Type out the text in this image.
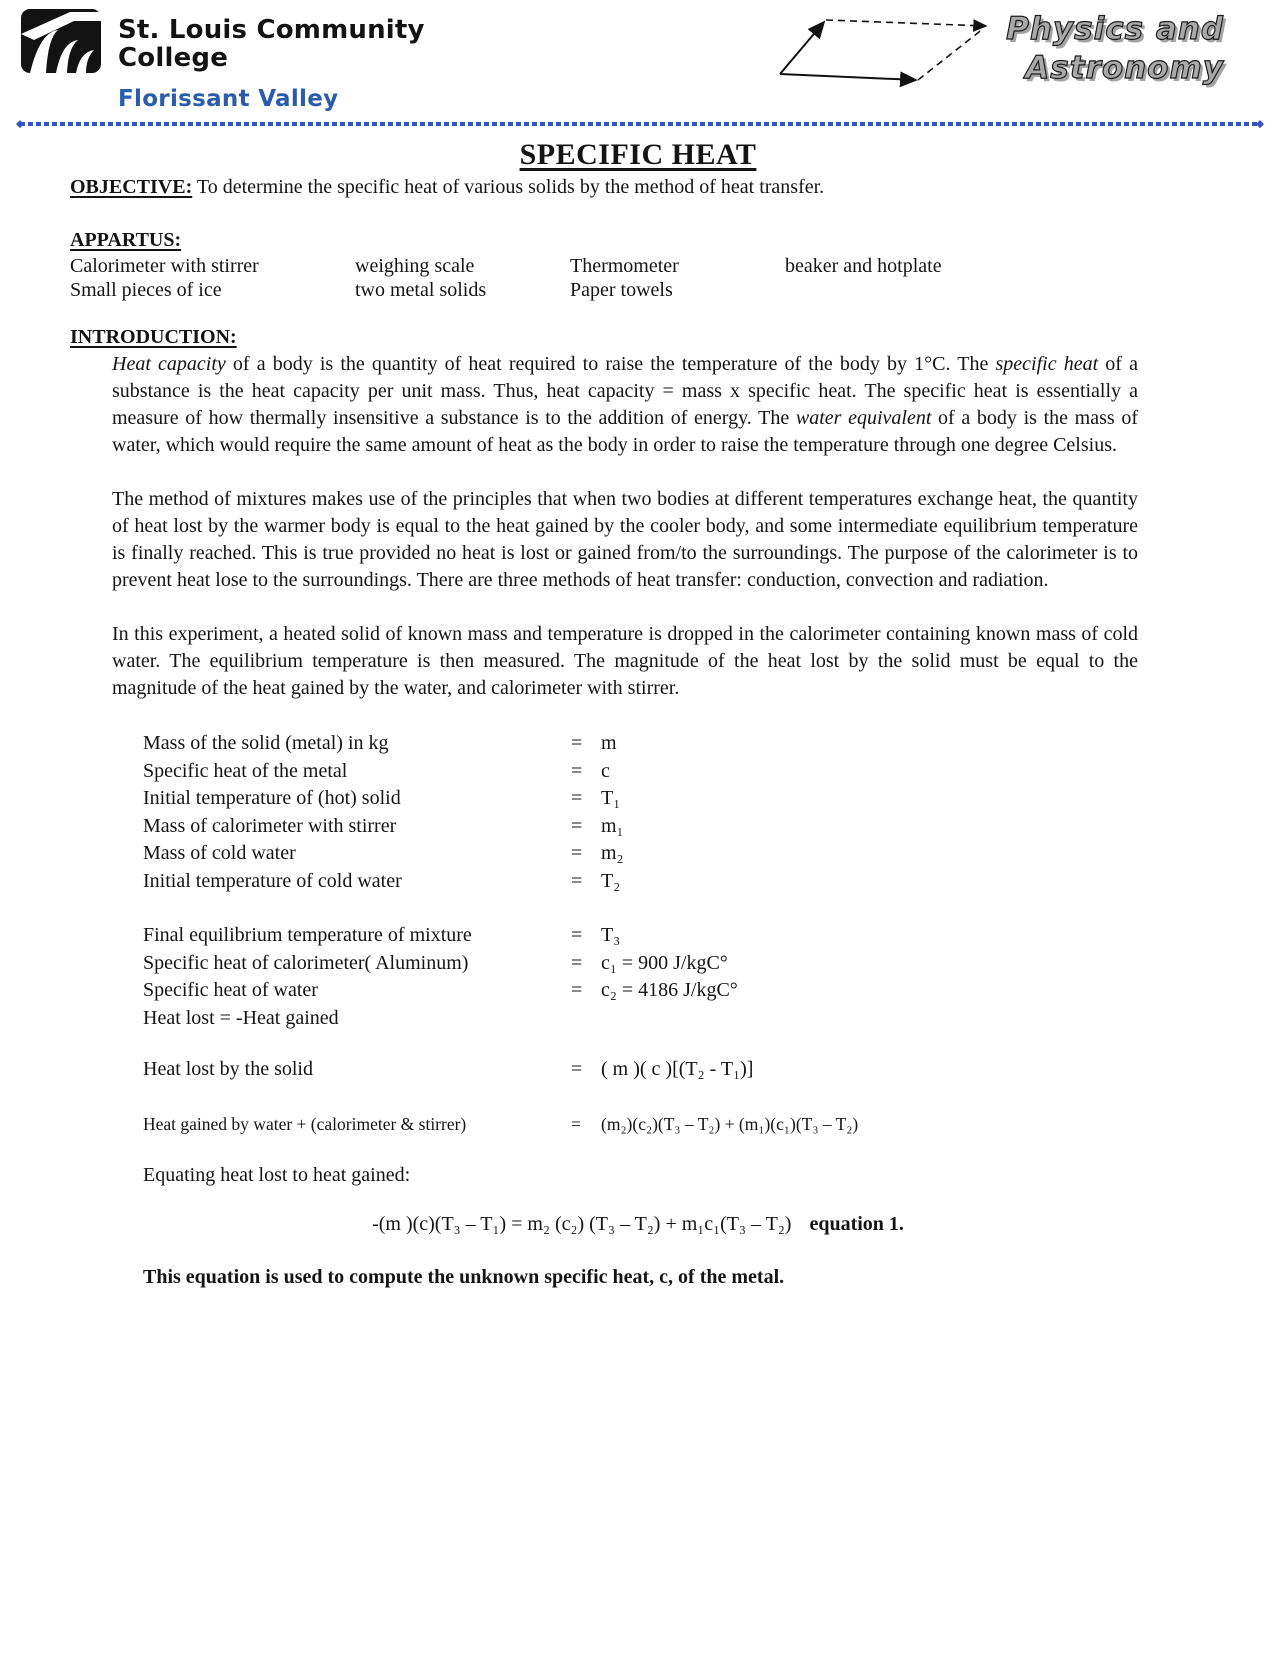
St. Louis Community
College
Florissant Valley
Physics and
Astronomy
SPECIFIC HEAT

OBJECTIVE: To determine the specific heat of various solids by the method of heat transfer.

APPARTUS:
Calorimeter with stirrer	weighing scale	Thermometer	beaker and hotplate
Small pieces of ice	two metal solids	Paper towels
INTRODUCTION:

Heat capacity of a body is the quantity of heat required to raise the temperature of the body by 1°C. The specific heat of a substance is the heat capacity per unit mass. Thus, heat capacity = mass x specific heat. The specific heat is essentially a measure of how thermally insensitive a substance is to the addition of energy. The water equivalent of a body is the mass of water, which would require the same amount of heat as the body in order to raise the temperature through one degree Celsius.

The method of mixtures makes use of the principles that when two bodies at different temperatures exchange heat, the quantity of heat lost by the warmer body is equal to the heat gained by the cooler body, and some intermediate equilibrium temperature is finally reached. This is true provided no heat is lost or gained from/to the surroundings. The purpose of the calorimeter is to prevent heat lose to the surroundings. There are three methods of heat transfer: conduction, convection and radiation.

In this experiment, a heated solid of known mass and temperature is dropped in the calorimeter containing known mass of cold water. The equilibrium temperature is then measured. The magnitude of the heat lost by the solid must be equal to the magnitude of the heat gained by the water, and calorimeter with stirrer.

Mass of the solid (metal) in kg	= m
Specific heat of the metal	= c
Initial temperature of (hot) solid	= T₁
Mass of calorimeter with stirrer	= m₁
Mass of cold water	= m₂
Initial temperature of cold water	= T₂
Final equilibrium temperature of mixture	= T₃
Specific heat of calorimeter( Aluminum)	= c₁ = 900 J/kgC°
Specific heat of water	= c₂ = 4186 J/kgC°
Heat lost = -Heat gained
Heat lost by the solid	= ( m )( c )[(T₂ - T₁)]
Heat gained by water + (calorimeter & stirrer)	=	(m₂)(c₂)(T₃ – T₂) + (m₁)(c₁)(T₃ – T₂)

Equating heat lost to heat gained:

-(m )(c)(T₃ – T₁) = m₂ (c₂) (T₃ – T₂) + m₁c₁(T₃ – T₂) equation 1.

This equation is used to compute the unknown specific heat, c, of the metal.
